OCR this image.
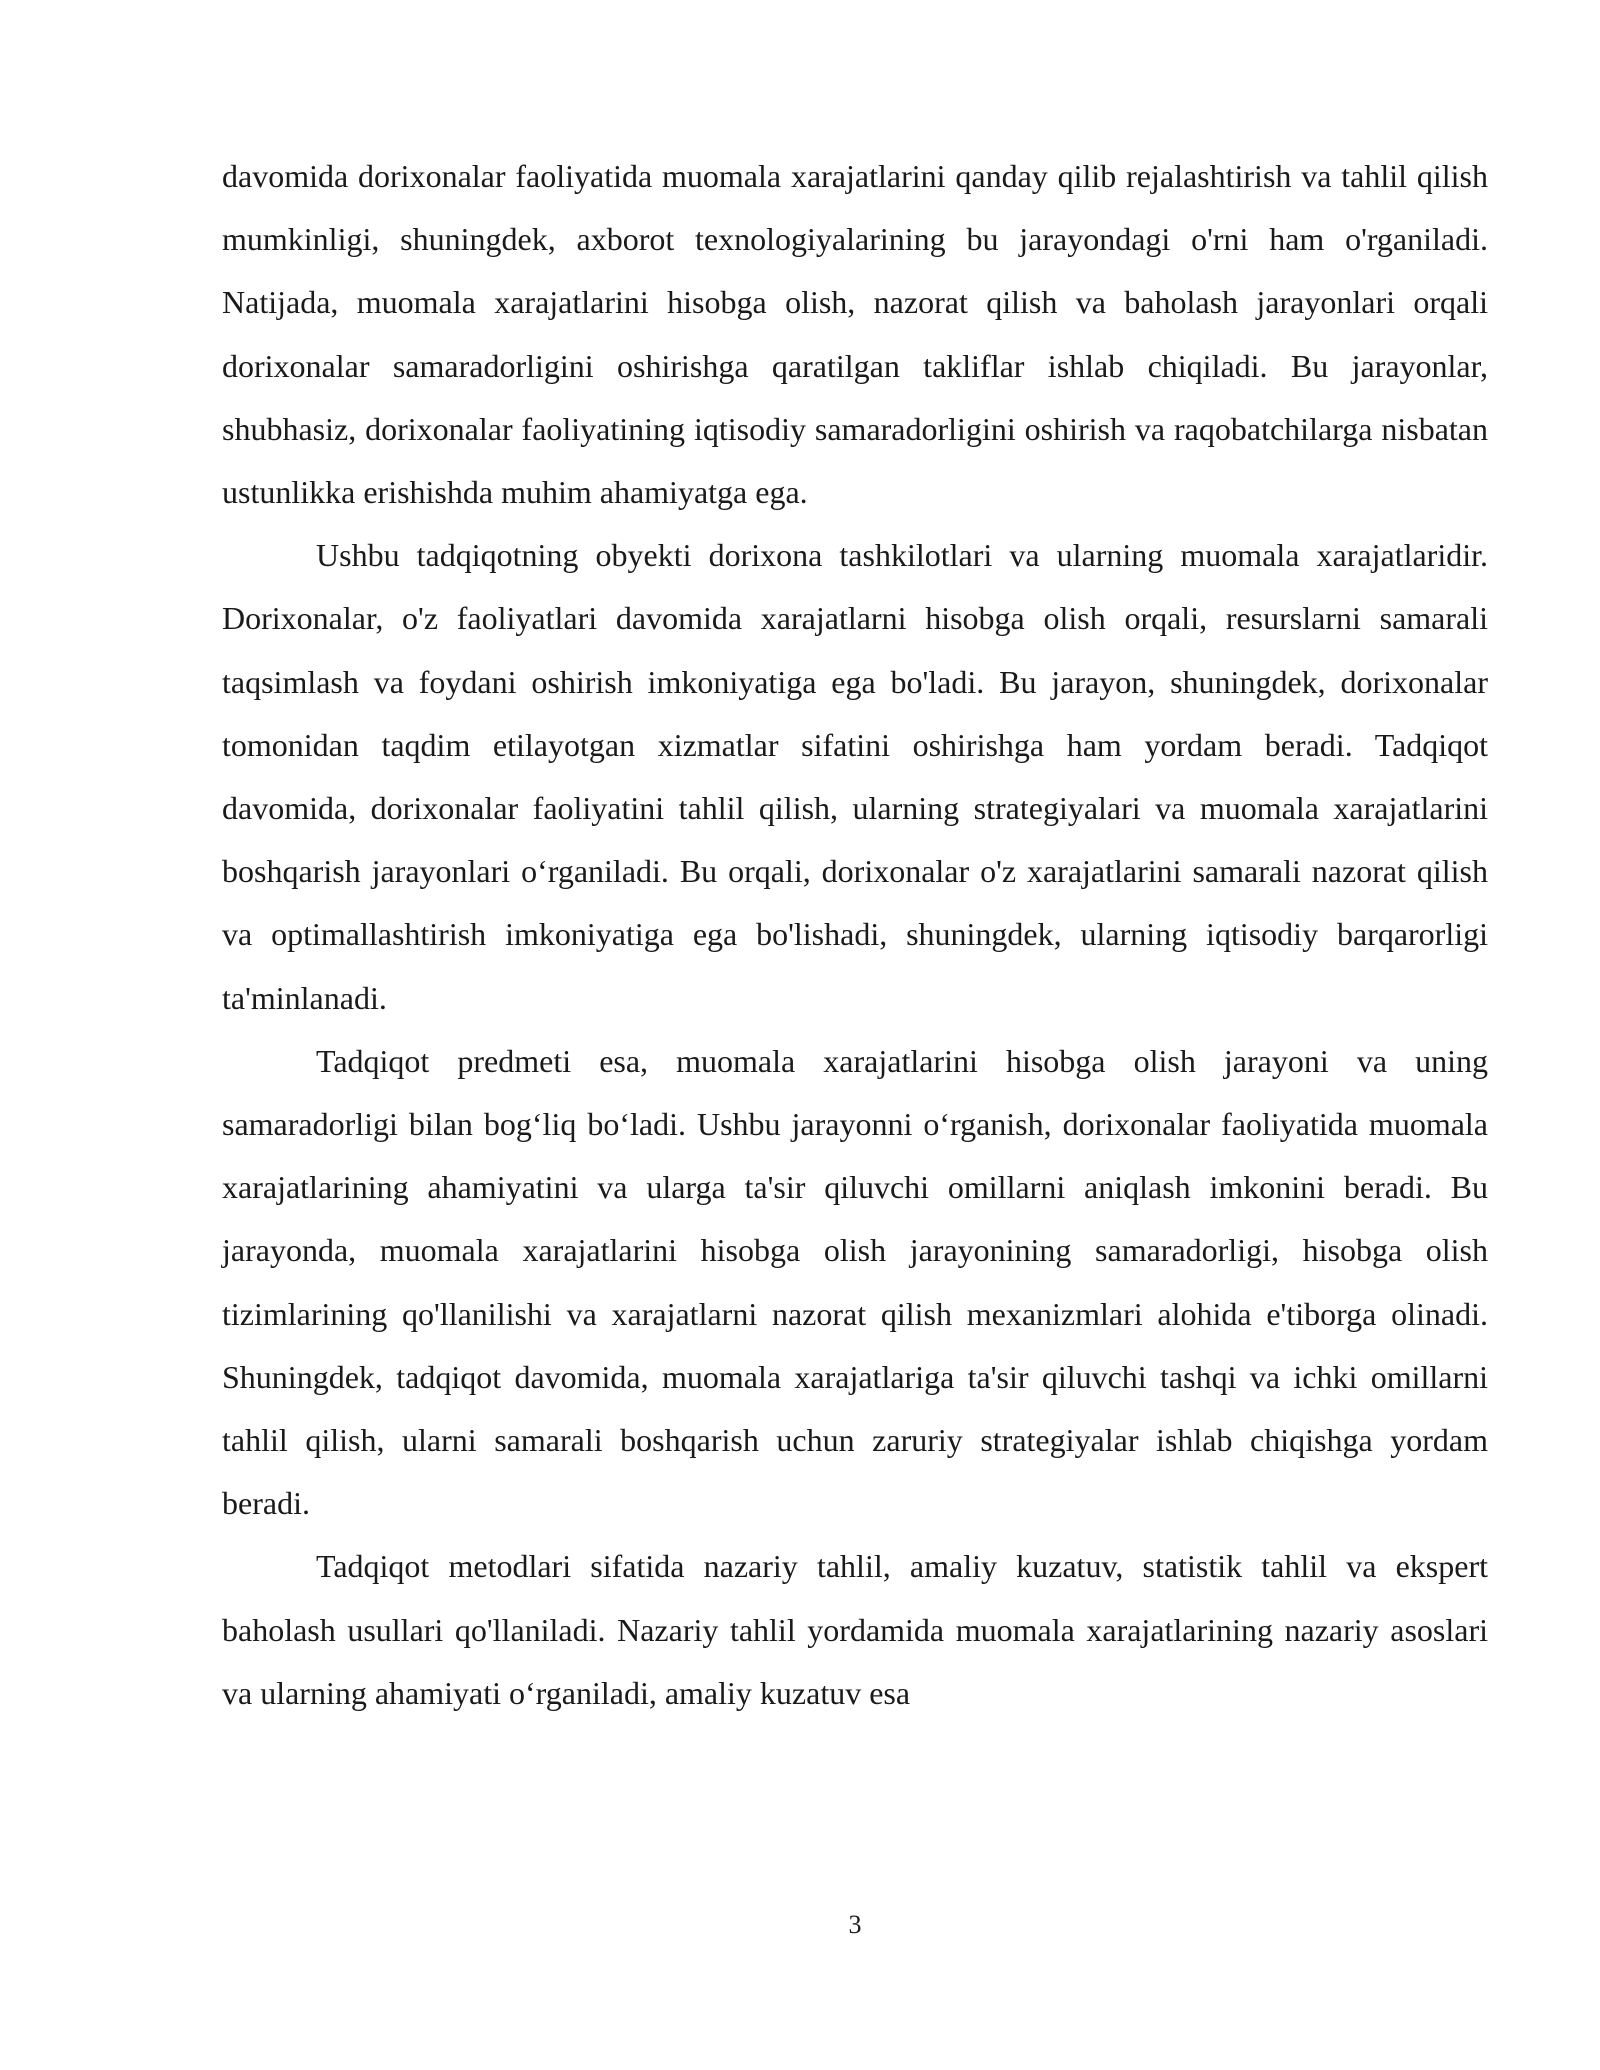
davomida dorixonalar faoliyatida muomala xarajatlarini qanday qilib rejalashtirish va tahlil qilish mumkinligi, shuningdek, axborot texnologiyalarining bu jarayondagi o'rni ham o'rganiladi. Natijada, muomala xarajatlarini hisobga olish, nazorat qilish va baholash jarayonlari orqali dorixonalar samaradorligini oshirishga qaratilgan takliflar ishlab chiqiladi. Bu jarayonlar, shubhasiz, dorixonalar faoliyatining iqtisodiy samaradorligini oshirish va raqobatchilarga nisbatan ustunlikka erishishda muhim ahamiyatga ega.

Ushbu tadqiqotning obyekti dorixona tashkilotlari va ularning muomala xarajatlaridir. Dorixonalar, o'z faoliyatlari davomida xarajatlarni hisobga olish orqali, resurslarni samarali taqsimlash va foydani oshirish imkoniyatiga ega bo'ladi. Bu jarayon, shuningdek, dorixonalar tomonidan taqdim etilayotgan xizmatlar sifatini oshirishga ham yordam beradi. Tadqiqot davomida, dorixonalar faoliyatini tahlil qilish, ularning strategiyalari va muomala xarajatlarini boshqarish jarayonlari o‘rganiladi. Bu orqali, dorixonalar o'z xarajatlarini samarali nazorat qilish va optimallashtirish imkoniyatiga ega bo'lishadi, shuningdek, ularning iqtisodiy barqarorligi ta'minlanadi.

Tadqiqot predmeti esa, muomala xarajatlarini hisobga olish jarayoni va uning samaradorligi bilan bog‘liq bo‘ladi. Ushbu jarayonni o‘rganish, dorixonalar faoliyatida muomala xarajatlarining ahamiyatini va ularga ta'sir qiluvchi omillarni aniqlash imkonini beradi. Bu jarayonda, muomala xarajatlarini hisobga olish jarayonining samaradorligi, hisobga olish tizimlarining qo'llanilishi va xarajatlarni nazorat qilish mexanizmlari alohida e'tiborga olinadi. Shuningdek, tadqiqot davomida, muomala xarajatlariga ta'sir qiluvchi tashqi va ichki omillarni tahlil qilish, ularni samarali boshqarish uchun zaruriy strategiyalar ishlab chiqishga yordam beradi.

Tadqiqot metodlari sifatida nazariy tahlil, amaliy kuzatuv, statistik tahlil va ekspert baholash usullari qo'llaniladi. Nazariy tahlil yordamida muomala xarajatlarining nazariy asoslari va ularning ahamiyati o‘rganiladi, amaliy kuzatuv esa

3
